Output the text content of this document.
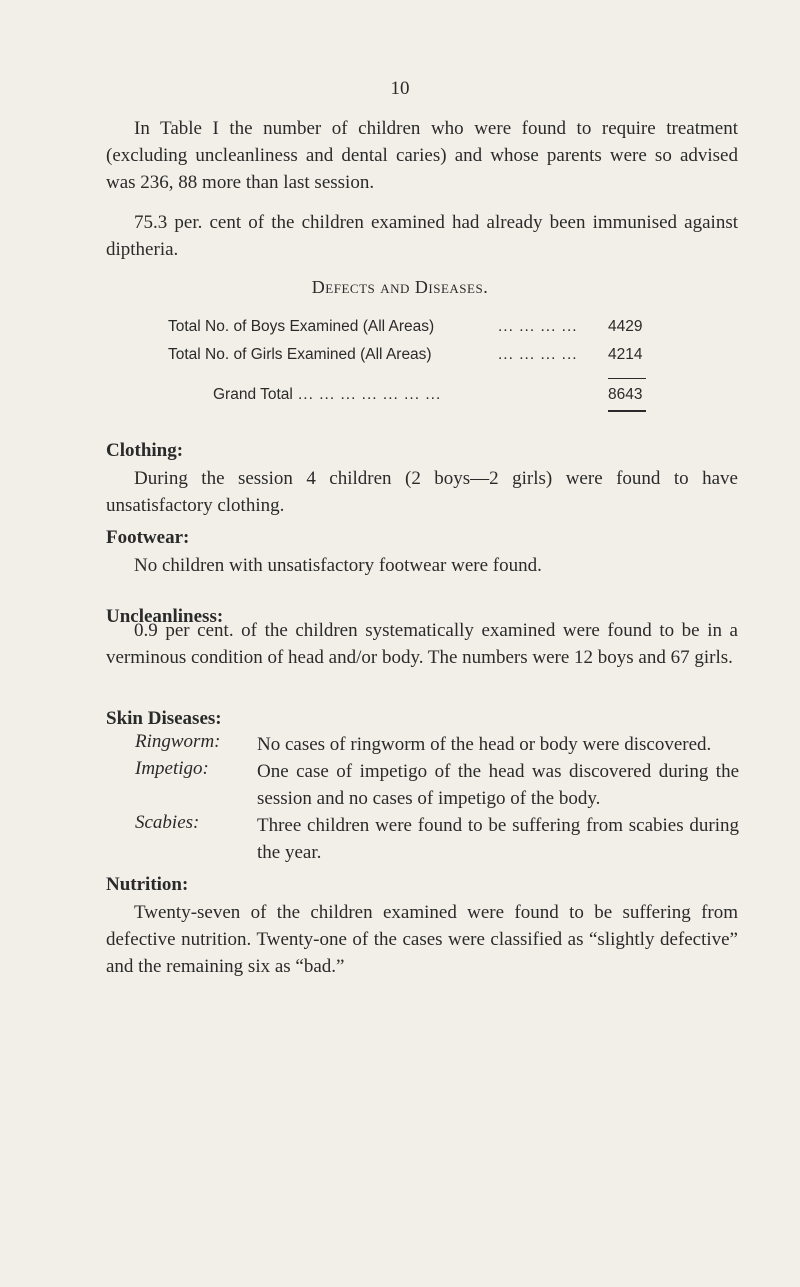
10

In Table I the number of children who were found to require treatment (excluding uncleanliness and dental caries) and whose parents were so advised was 236, 88 more than last session.

75.3 per. cent of the children examined had already been immunised against diptheria.

Defects and Diseases.
Total No. of Boys Examined (All Areas)	... ... ... ... 4429
Total No. of Girls Examined (All Areas)	... ... ... ... 4214
Grand Total ... ... ... ... ... ... ...	8643
Clothing:

During the session 4 children (2 boys—2 girls) were found to have unsatisfactory clothing.

Footwear:

No children with unsatisfactory footwear were found.

Uncleanliness:

0.9 per cent. of the children systematically examined were found to be in a verminous condition of head and/or body. The numbers were 12 boys and 67 girls.

Skin Diseases:
Ringworm: No cases of ringworm of the head or body were discovered.

Impetigo:	One case of impetigo of the head was discovered during the session and no cases of impetigo of the body.

Scabies:	Three children were found to be suffering from scabies during the year.

Nutrition:

Twenty-seven of the children examined were found to be suffering from defective nutrition. Twenty-one of the cases were classified as “slightly defective” and the remaining six as “bad.”
